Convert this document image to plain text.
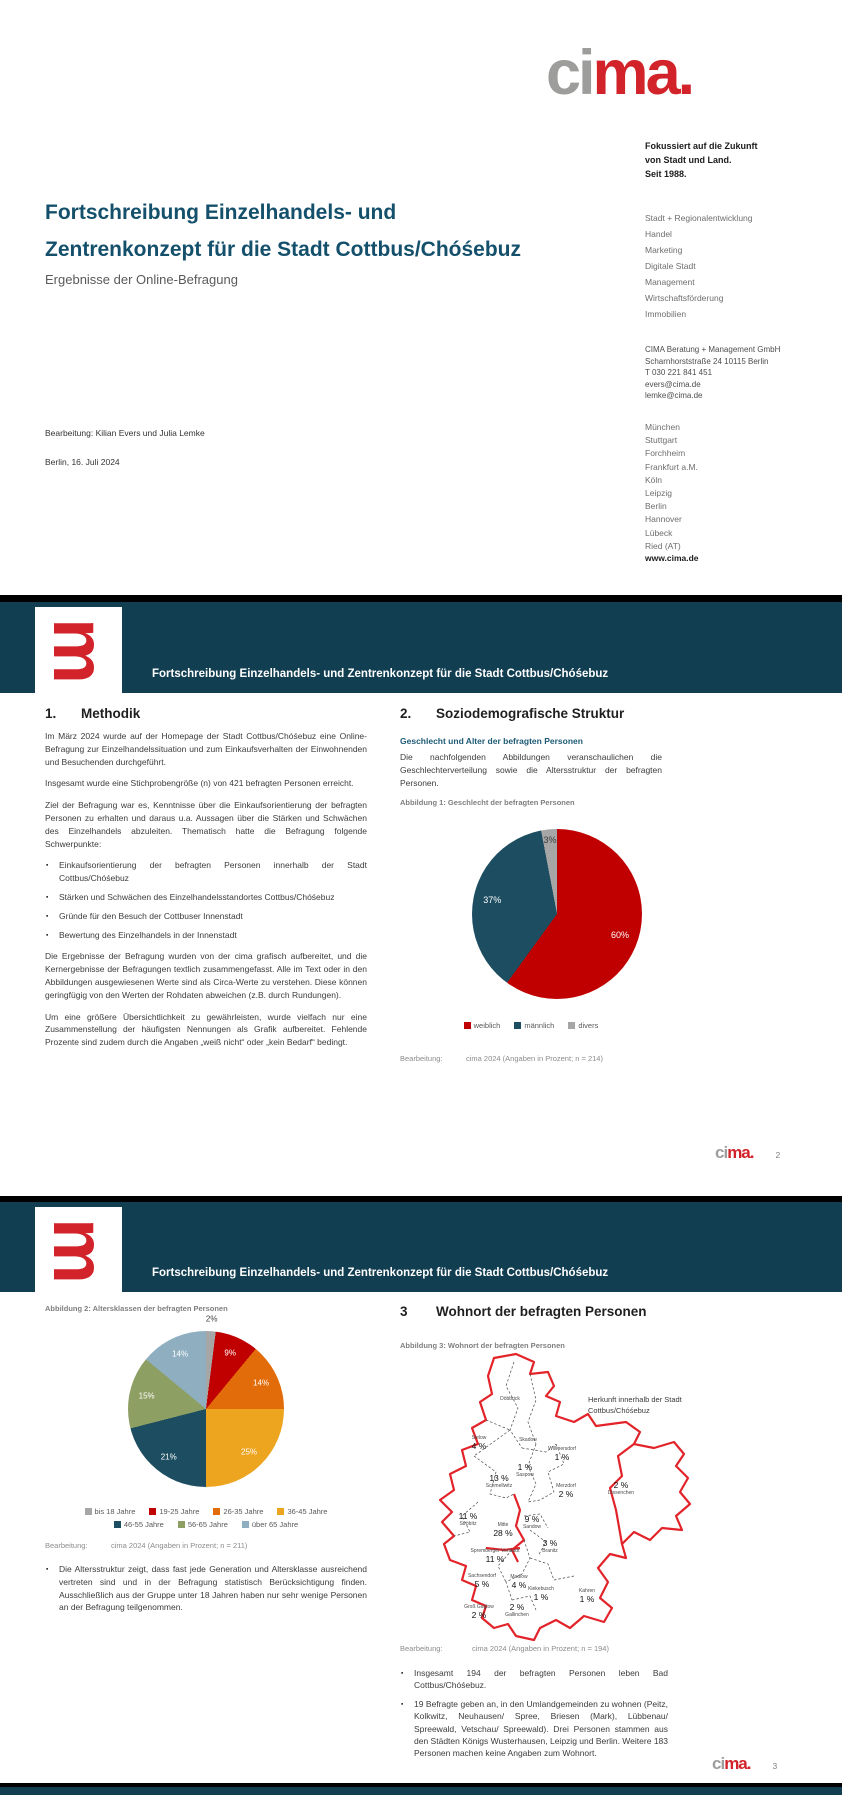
cima.
Fokussiert auf die Zukunft
von Stadt und Land.
Seit 1988.
Stadt + Regionalentwicklung
Handel
Marketing
Digitale Stadt
Management
Wirtschaftsförderung
Immobilien
CIMA Beratung + Management GmbH
Scharnhorststraße 24 10115 Berlin
T 030 221 841 451
evers@cima.de
lemke@cima.de
München
Stuttgart
Forchheim
Frankfurt a.M.
Köln
Leipzig
Berlin
Hannover
Lübeck
Ried (AT)
www.cima.de
Fortschreibung Einzelhandels- und
Zentrenkonzept für die Stadt Cottbus/Chóśebuz
Ergebnisse der Online-Befragung
Bearbeitung: Kilian Evers und Julia Lemke
Berlin, 16. Juli 2024
Fortschreibung Einzelhandels- und Zentrenkonzept für die Stadt Cottbus/Chóśebuz
m
1. Methodik

Im März 2024 wurde auf der Homepage der Stadt Cottbus/Chóśebuz eine Online-Befragung zur Einzelhandelssituation und zum Einkaufsverhalten der Einwohnenden und Besuchenden durchgeführt.

Insgesamt wurde eine Stichprobengröße (n) von 421 befragten Personen erreicht.

Ziel der Befragung war es, Kenntnisse über die Einkaufsorientierung der befragten Personen zu erhalten und daraus u.a. Aussagen über die Stärken und Schwächen des Einzelhandels abzuleiten. Thematisch hatte die Befragung folgende Schwerpunkte:

▪ Einkaufsorientierung der befragten Personen innerhalb der Stadt Cottbus/Chóśebuz
▪ Stärken und Schwächen des Einzelhandelsstandortes Cottbus/Chóśebuz
▪ Gründe für den Besuch der Cottbuser Innenstadt
▪ Bewertung des Einzelhandels in der Innenstadt

Die Ergebnisse der Befragung wurden von der cima grafisch aufbereitet, und die Kernergebnisse der Befragungen textlich zusammengefasst. Alle im Text oder in den Abbildungen ausgewiesenen Werte sind als Circa-Werte zu verstehen. Diese können geringfügig von den Werten der Rohdaten abweichen (z.B. durch Rundungen).

Um eine größere Übersichtlichkeit zu gewährleisten, wurde vielfach nur eine Zusammenstellung der häufigsten Nennungen als Grafik aufbereitet. Fehlende Prozente sind zudem durch die Angaben „weiß nicht“ oder „kein Bedarf“ bedingt.

2. Soziodemografische Struktur
Geschlecht und Alter der befragten Personen

Die nachfolgenden Abbildungen veranschaulichen die Geschlechterverteilung sowie die Altersstruktur der befragten Personen.

Abbildung 1: Geschlecht der befragten Personen
60%
37%
3%
weiblich	männlich	divers
Bearbeitung:	cima 2024 (Angaben in Prozent; n = 214)
cima.	2
Fortschreibung Einzelhandels- und Zentrenkonzept für die Stadt Cottbus/Chóśebuz
m
Abbildung 2: Altersklassen der befragten Personen
2%
9%
14%
25%
21%
15%
14%
bis 18 Jahre	19-25 Jahre	26-35 Jahre	36-45 Jahre
46-55 Jahre	56-65 Jahre	über 65 Jahre
Bearbeitung:	cima 2024 (Angaben in Prozent; n = 211)
▪ Die Altersstruktur zeigt, dass fast jede Generation und Altersklasse ausreichend vertreten sind und in der Befragung statistisch Berücksichtigung finden. Ausschließlich aus der Gruppe unter 18 Jahren haben nur sehr wenige Personen an der Befragung teilgenommen.
3 Wohnort der befragten Personen
Abbildung 3: Wohnort der befragten Personen
Herkunft innerhalb der Stadt Cottbus/Chóśebuz
Döbbrick
Sielow
4 %
Skadow
Willmersdorf
1 %
Saspow
1 %
Schmellwitz
13 %
Merzdorf
2 %	Dissenchen
2 %
Ströbitz
11 %
Mitte
28 %
Sandow
9 %
Branitz
3 %
Spremberger Vorstadt
11 %
Sachsendorf
5 %
Madlow
4 % Kiekebusch
1 %
Kahren
1 %
Groß Gaglow
2 %	Gallinchen
2 %
Bearbeitung:	cima 2024 (Angaben in Prozent; n = 194)
▪ Insgesamt 194 der befragten Personen leben Bad Cottbus/Chóśebuz.
▪ 19 Befragte geben an, in den Umlandgemeinden zu wohnen (Peitz, Kolkwitz, Neuhausen/ Spree, Briesen (Mark), Lübbenau/ Spreewald, Vetschau/ Spreewald). Drei Personen stammen aus den Städten Königs Wusterhausen, Leipzig und Berlin. Weitere 183 Personen machen keine Angaben zum Wohnort.
cima.	3
